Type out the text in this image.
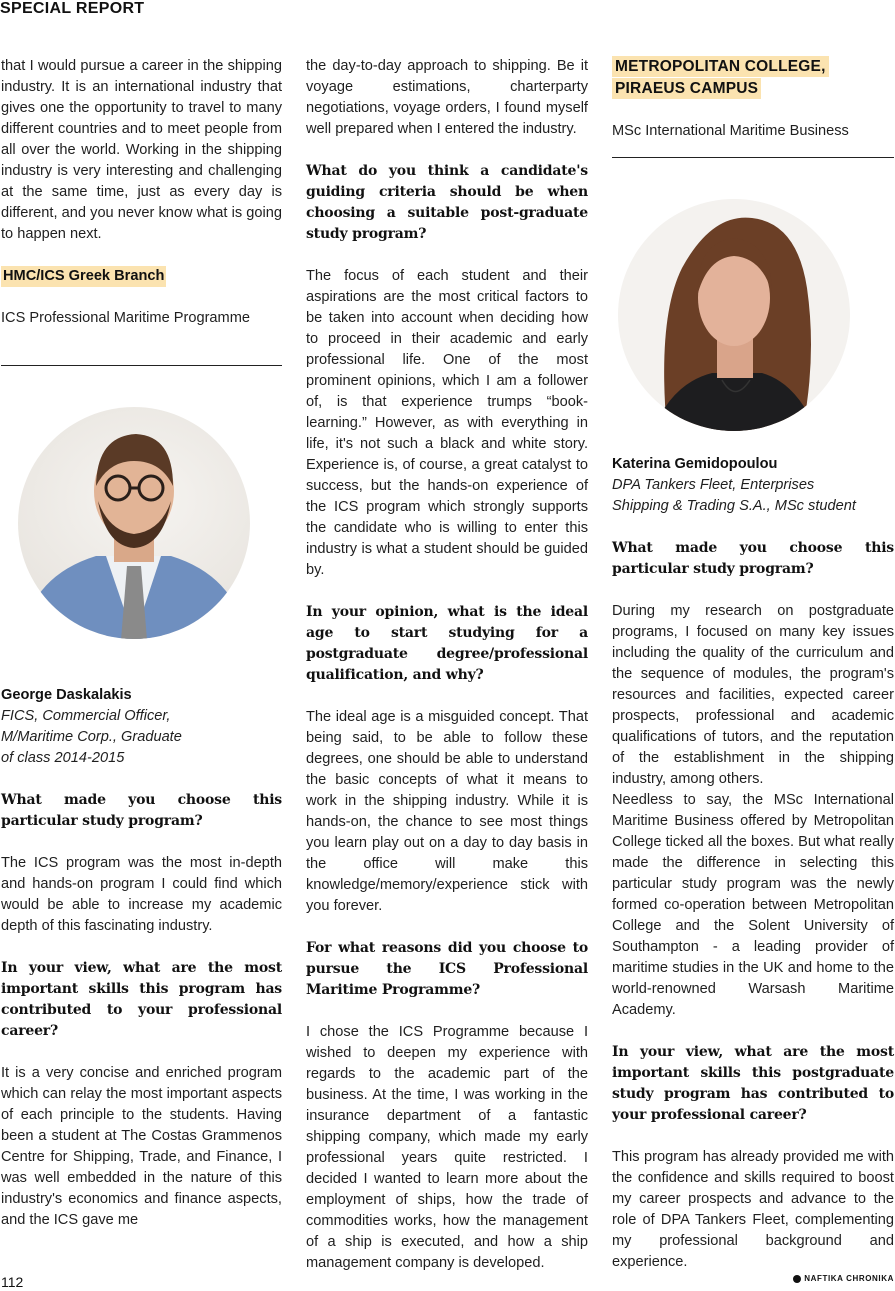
SPECIAL REPORT

that I would pursue a career in the shipping industry. It is an international industry that gives one the opportunity to travel to many different countries and to meet people from all over the world. Working in the shipping industry is very interesting and challenging at the same time, just as every day is different, and you never know what is going to happen next.

HMC/ICS Greek Branch

ICS Professional Maritime Programme

George Daskalakis

FICS, Commercial Officer,

M/Maritime Corp., Graduate

of class 2014-2015

What made you choose this particular study program?

The ICS program was the most in-depth and hands-on program I could find which would be able to increase my academic depth of this fascinating industry.

In your view, what are the most important skills this program has contributed to your professional career?

It is a very concise and enriched program which can relay the most important aspects of each principle to the students. Having been a student at The Costas Grammenos Centre for Shipping, Trade, and Finance, I was well embedded in the nature of this industry's economics and finance aspects, and the ICS gave me

the day-to-day approach to shipping. Be it voyage estimations, charterparty negotiations, voyage orders, I found myself well prepared when I entered the industry.

What do you think a candidate's guiding criteria should be when choosing a suitable post-graduate study program?

The focus of each student and their aspirations are the most critical factors to be taken into account when deciding how to proceed in their academic and early professional life. One of the most prominent opinions, which I am a follower of, is that experience trumps “book-learning.” However, as with everything in life, it's not such a black and white story. Experience is, of course, a great catalyst to success, but the hands-on experience of the ICS program which strongly supports the candidate who is willing to enter this industry is what a student should be guided by.

In your opinion, what is the ideal age to start studying for a postgraduate degree/professional qualification, and why?

The ideal age is a misguided concept. That being said, to be able to follow these degrees, one should be able to understand the basic concepts of what it means to work in the shipping industry. While it is hands-on, the chance to see most things you learn play out on a day to day basis in the office will make this knowledge/memory/experience stick with you forever.

For what reasons did you choose to pursue the ICS Professional Maritime Programme?

I chose the ICS Programme because I wished to deepen my experience with regards to the academic part of the business. At the time, I was working in the insurance department of a fantastic shipping company, which made my early professional years quite restricted. I decided I wanted to learn more about the employment of ships, how the trade of commodities works, how the management of a ship is executed, and how a ship management company is developed.

METROPOLITAN COLLEGE,
PIRAEUS CAMPUS

MSc International Maritime Business

Katerina Gemidopoulou

DPA Tankers Fleet, Enterprises

Shipping & Trading S.A., MSc student

What made you choose this particular study program?

During my research on postgraduate programs, I focused on many key issues including the quality of the curriculum and the sequence of modules, the program's resources and facilities, expected career prospects, professional and academic qualifications of tutors, and the reputation of the establishment in the shipping industry, among others.

Needless to say, the MSc International Maritime Business offered by Metropolitan College ticked all the boxes. But what really made the difference in selecting this particular study program was the newly formed co-operation between Metropolitan College and the Solent University of Southampton - a leading provider of maritime studies in the UK and home to the world-renowned Warsash Maritime Academy.

In your view, what are the most important skills this postgraduate study program has contributed to your professional career?

This program has already provided me with the confidence and skills required to boost my career prospects and advance to the role of DPA Tankers Fleet, complementing my professional background and experience.

112	NAFTIKA CHRONIKA
